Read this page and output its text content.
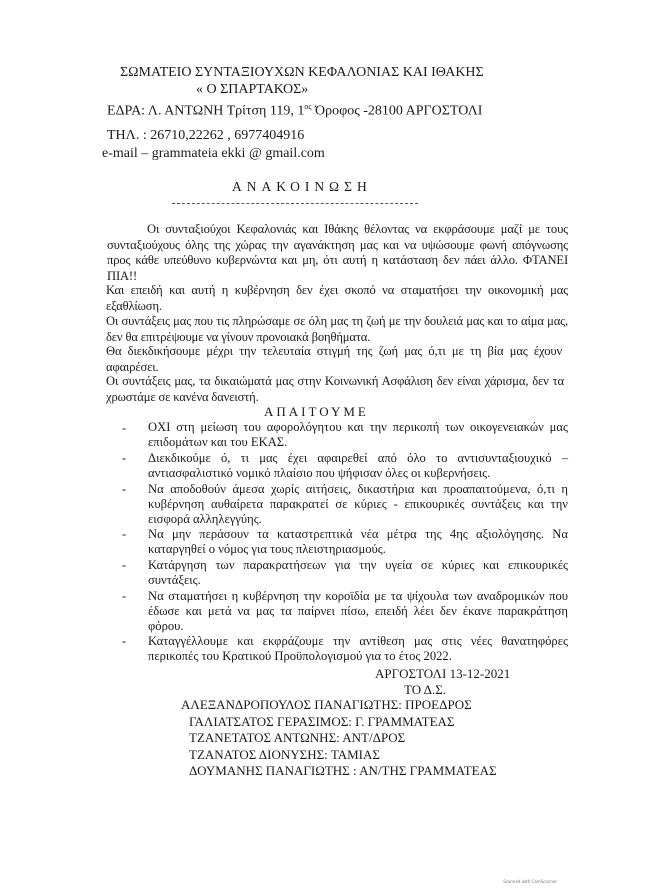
ΣΩΜΑΤΕΙΟ ΣΥΝΤΑΞΙΟΥΧΩΝ ΚΕΦΑΛΟΝΙΑΣ ΚΑΙ ΙΘΑΚΗΣ
« Ο ΣΠΑΡΤΑΚΟΣ»
ΕΔΡΑ: Λ. ΑΝΤΩΝΗ Τρίτση 119, $1^{o\varsigma}$ Όροφος -28100 ΑΡΓΟΣΤΟΛΙ
ΤΗΛ. : 26710,22262 , 6977404916
e-mail – grammateia ekki @ gmail.com
ΑΝΑΚΟΙΝΩΣΗ
Οι συνταξιούχοι Κεφαλονιάς και Ιθάκης θέλοντας να εκφράσουμε μαζί με τους συνταξιούχους όλης της χώρας την αγανάκτηση μας και να υψώσουμε φωνή απόγνωσης προς κάθε υπεύθυνο κυβερνώντα και μη, ότι αυτή η κατάσταση δεν πάει άλλο. ΦΤΑΝΕΙ ΠΙΑ!!
Και επειδή και αυτή η κυβέρνηση δεν έχει σκοπό να σταματήσει την οικονομική μας εξαθλίωση.
Οι συντάξεις μας που τις πληρώσαμε σε όλη μας τη ζωή με την δουλειά μας και το αίμα μας, δεν θα επιτρέψουμε να γίνουν προνοιακά βοηθήματα.
Θα διεκδικήσουμε μέχρι την τελευταία στιγμή της ζωή μας ό,τι με τη βία μας έχουν αφαιρέσει.
Οι συντάξεις μας, τα δικαιώματά μας στην Κοινωνική Ασφάλιση δεν είναι χάρισμα, δεν τα χρωστάμε σε κανένα δανειστή.
ΑΠΑΙΤΟΥΜΕ
-	ΟΧΙ στη μείωση του αφορολόγητου και την περικοπή των οικογενειακών μας επιδομάτων και του ΕΚΑΣ.
-	Διεκδικούμε ό, τι μας έχει αφαιρεθεί από όλο το αντισυνταξιουχικό – αντιασφαλιστικό νομικό πλαίσιο που ψήφισαν όλες οι κυβερνήσεις.
-	Να αποδοθούν άμεσα χωρίς αιτήσεις, δικαστήρια και προαπαιτούμενα, ό,τι η κυβέρνηση αυθαίρετα παρακρατεί σε κύριες - επικουρικές συντάξεις και την εισφορά αλληλεγγύης.
-	Να μην περάσουν τα καταστρεπτικά νέα μέτρα της 4ης αξιολόγησης. Να καταργηθεί ο νόμος για τους πλειστηριασμούς.
-	Κατάργηση των παρακρατήσεων για την υγεία σε κύριες και επικουρικές συντάξεις.
-	Να σταματήσει η κυβέρνηση την κοροϊδία με τα ψίχουλα των αναδρομικών που έδωσε και μετά να μας τα παίρνει πίσω, επειδή λέει δεν έκανε παρακράτηση φόρου.
-	Καταγγέλλουμε και εκφράζουμε την αντίθεση μας στις νέες θανατηφόρες περικοπές του Κρατικού Προϋπολογισμού για το έτος 2022.
ΑΡΓΟΣΤΟΛΙ 13-12-2021
ΤΟ Δ.Σ.
ΑΛΕΞΑΝΔΡΟΠΟΥΛΟΣ ΠΑΝΑΓΙΩΤΗΣ: ΠΡΟΕΔΡΟΣ
ΓΑΛΙΑΤΣΑΤΟΣ ΓΕΡΑΣΙΜΟΣ: Γ. ΓΡΑΜΜΑΤΕΑΣ
ΤΖΑΝΕΤΑΤΟΣ ΑΝΤΩΝΗΣ: ΑΝΤ/ΔΡΟΣ
ΤΖΑΝΑΤΟΣ ΔΙΟΝΥΣΗΣ: ΤΑΜΙΑΣ
ΔΟΥΜΑΝΗΣ ΠΑΝΑΓΙΩΤΗΣ : ΑΝ/ΤΗΣ ΓΡΑΜΜΑΤΕΑΣ
Scanned with CamScanner
